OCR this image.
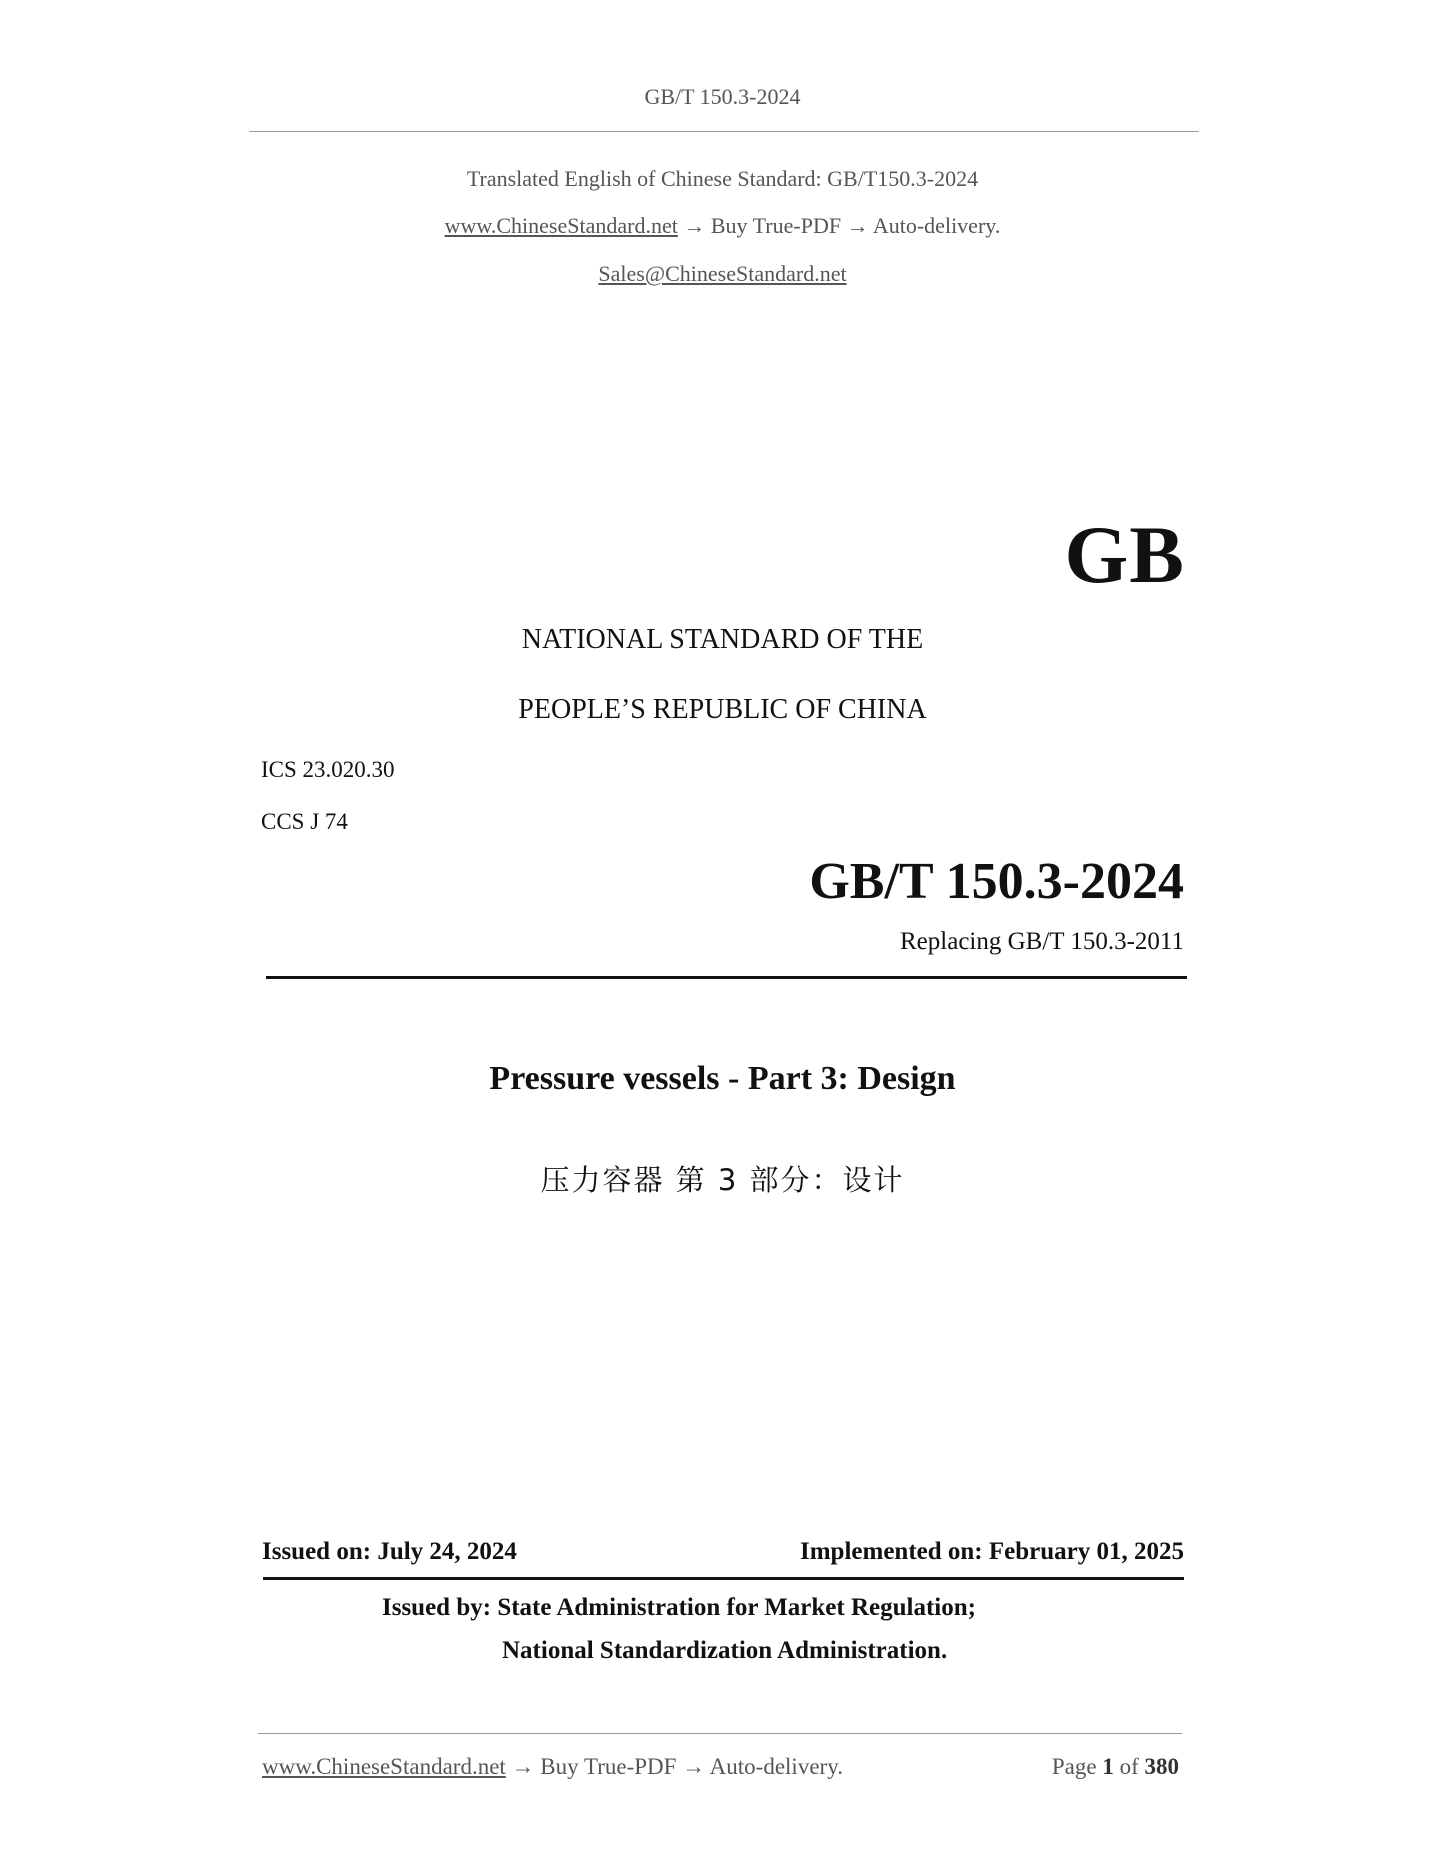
GB/T 150.3-2024
Translated English of Chinese Standard: GB/T150.3-2024
www.ChineseStandard.net → Buy True-PDF → Auto-delivery.
Sales@ChineseStandard.net
GB
NATIONAL STANDARD OF THE
PEOPLE’S REPUBLIC OF CHINA
ICS 23.020.30
CCS J 74
GB/T 150.3-2024
Replacing GB/T 150.3-2011
Pressure vessels - Part 3: Design
压力容器 第 3 部分：设计
Issued on: July 24, 2024	Implemented on: February 01, 2025
Issued by: State Administration for Market Regulation;
National Standardization Administration.
www.ChineseStandard.net → Buy True-PDF → Auto-delivery.	Page 1 of 380
